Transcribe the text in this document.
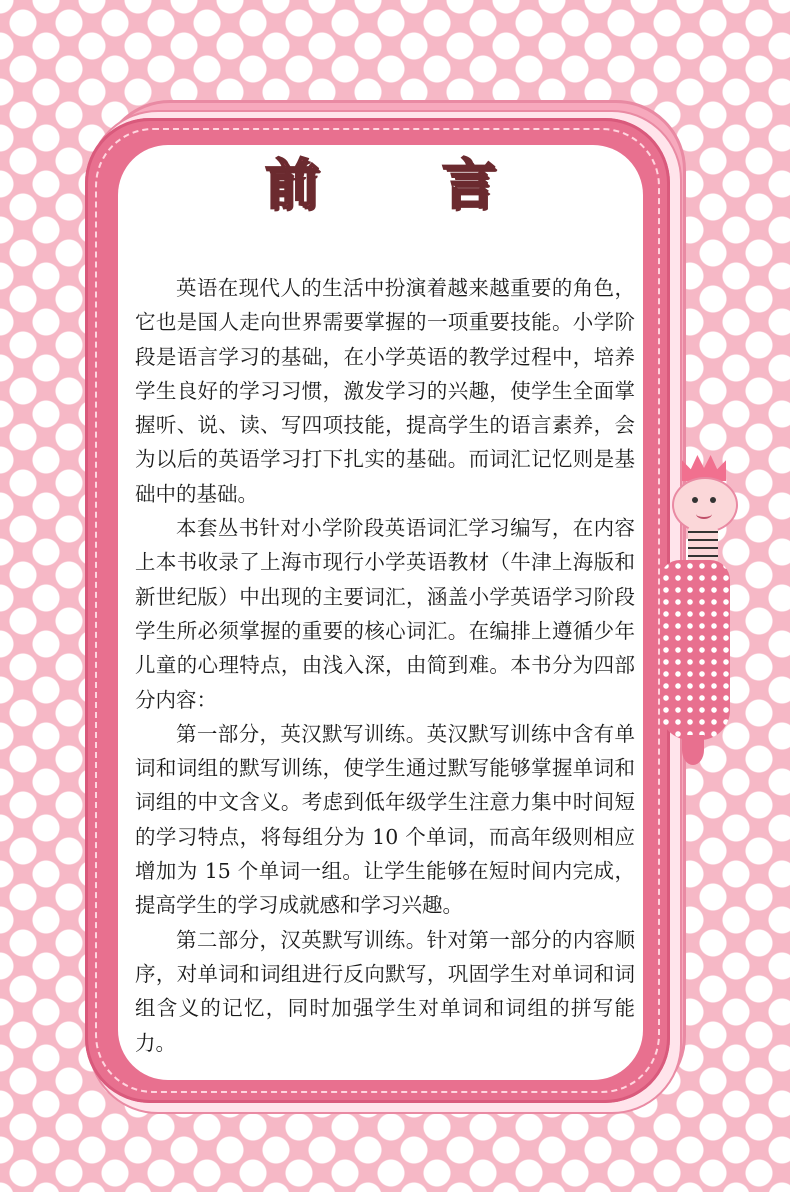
前 言

英语在现代人的生活中扮演着越来越重要的角色，它也是国人走向世界需要掌握的一项重要技能。小学阶段是语言学习的基础，在小学英语的教学过程中，培养学生良好的学习习惯，激发学习的兴趣，使学生全面掌握听、说、读、写四项技能，提高学生的语言素养，会为以后的英语学习打下扎实的基础。而词汇记忆则是基础中的基础。

本套丛书针对小学阶段英语词汇学习编写，在内容上本书收录了上海市现行小学英语教材（牛津上海版和新世纪版）中出现的主要词汇，涵盖小学英语学习阶段学生所必须掌握的重要的核心词汇。在编排上遵循少年儿童的心理特点，由浅入深，由简到难。本书分为四部分内容：

第一部分，英汉默写训练。英汉默写训练中含有单词和词组的默写训练，使学生通过默写能够掌握单词和词组的中文含义。考虑到低年级学生注意力集中时间短的学习特点，将每组分为 10 个单词，而高年级则相应增加为 15 个单词一组。让学生能够在短时间内完成，提高学生的学习成就感和学习兴趣。

第二部分，汉英默写训练。针对第一部分的内容顺序，对单词和词组进行反向默写，巩固学生对单词和词组含义的记忆，同时加强学生对单词和词组的拼写能力。
